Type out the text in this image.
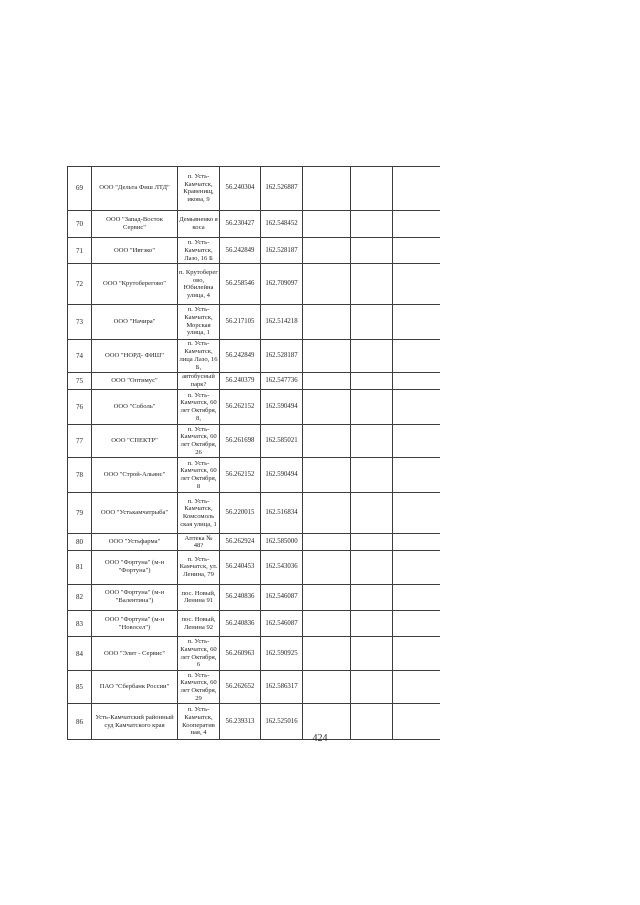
69	ООО "Дельта Фиш ЛТД"	п. Усть-Камчатск, Кравенищ, иковa, 9	56.240304	162.526887			
70	ООО "Запад-Восток Сервис"	Демьяненко я коса	56.230427	162.548452			
71	ООО "Ивтэко"	п. Усть-Камчатск, Лазо, 16 Б	56.242849	162.528187			
72	ООО "Крутоберегово"	п. Крутоберег ово, Юбилейна улица, 4	56.258546	162.709097			
73	ООО "Начира"	п. Усть-Камчатск, Морская улица, 1	56.217105	162.514218			
74	ООО "НОРД- ФИШ"	п. Усть-Камчатск, лица Лазо, 16 Б,	56.242849	162.528187			
75	ООО "Оптимус"	автобусный парк?	56.240379	162.547736			
76	ООО "Соболь"	п. Усть-Камчатск, 60 лет Октября, 8,	56.262152	162.590494			
77	ООО "СПЕКТР"	п. Усть-Камчатск, 60 лет Октября, 26	56.261698	162.585021			
78	ООО "Строй-Альянс"	п. Усть-Камчатск, 60 лет Октября, 8	56.262152	162.590494			
79	ООО "Устькамчатрыба"	п. Усть-Камчатск, Комсомоль ская улица, 1	56.220015	162.516834			
80	ООО "Устьфарма"	Аптека № 48?	56.262924	162.585000			
81	ООО "Фортуна" (м-н "Фортуна")	п. Усть-Камчатск, ул. Ленина, 79	56.240453	162.543036			
82	ООО "Фортуна" (м-н "Валентина")	пос. Новый, Ленина 91	56.240836	162.546087			
83	ООО "Фортуна" (м-н "Новосел")	пос. Новый, Ленина 92	56.240836	162.546087			
84	ООО "Элит - Сервис"	п. Усть-Камчатск, 60 лет Октября, 6	56.260963	162.590925			
85	ПАО "Сбербанк России"	п. Усть-Камчатск, 60 лет Октября, 29	56.262652	162.586317			
86	Усть-Камчатский районный суд Камчатского края	п. Усть-Камчатск, Кооператив ная, 4	56.239313	162.525016			
424
